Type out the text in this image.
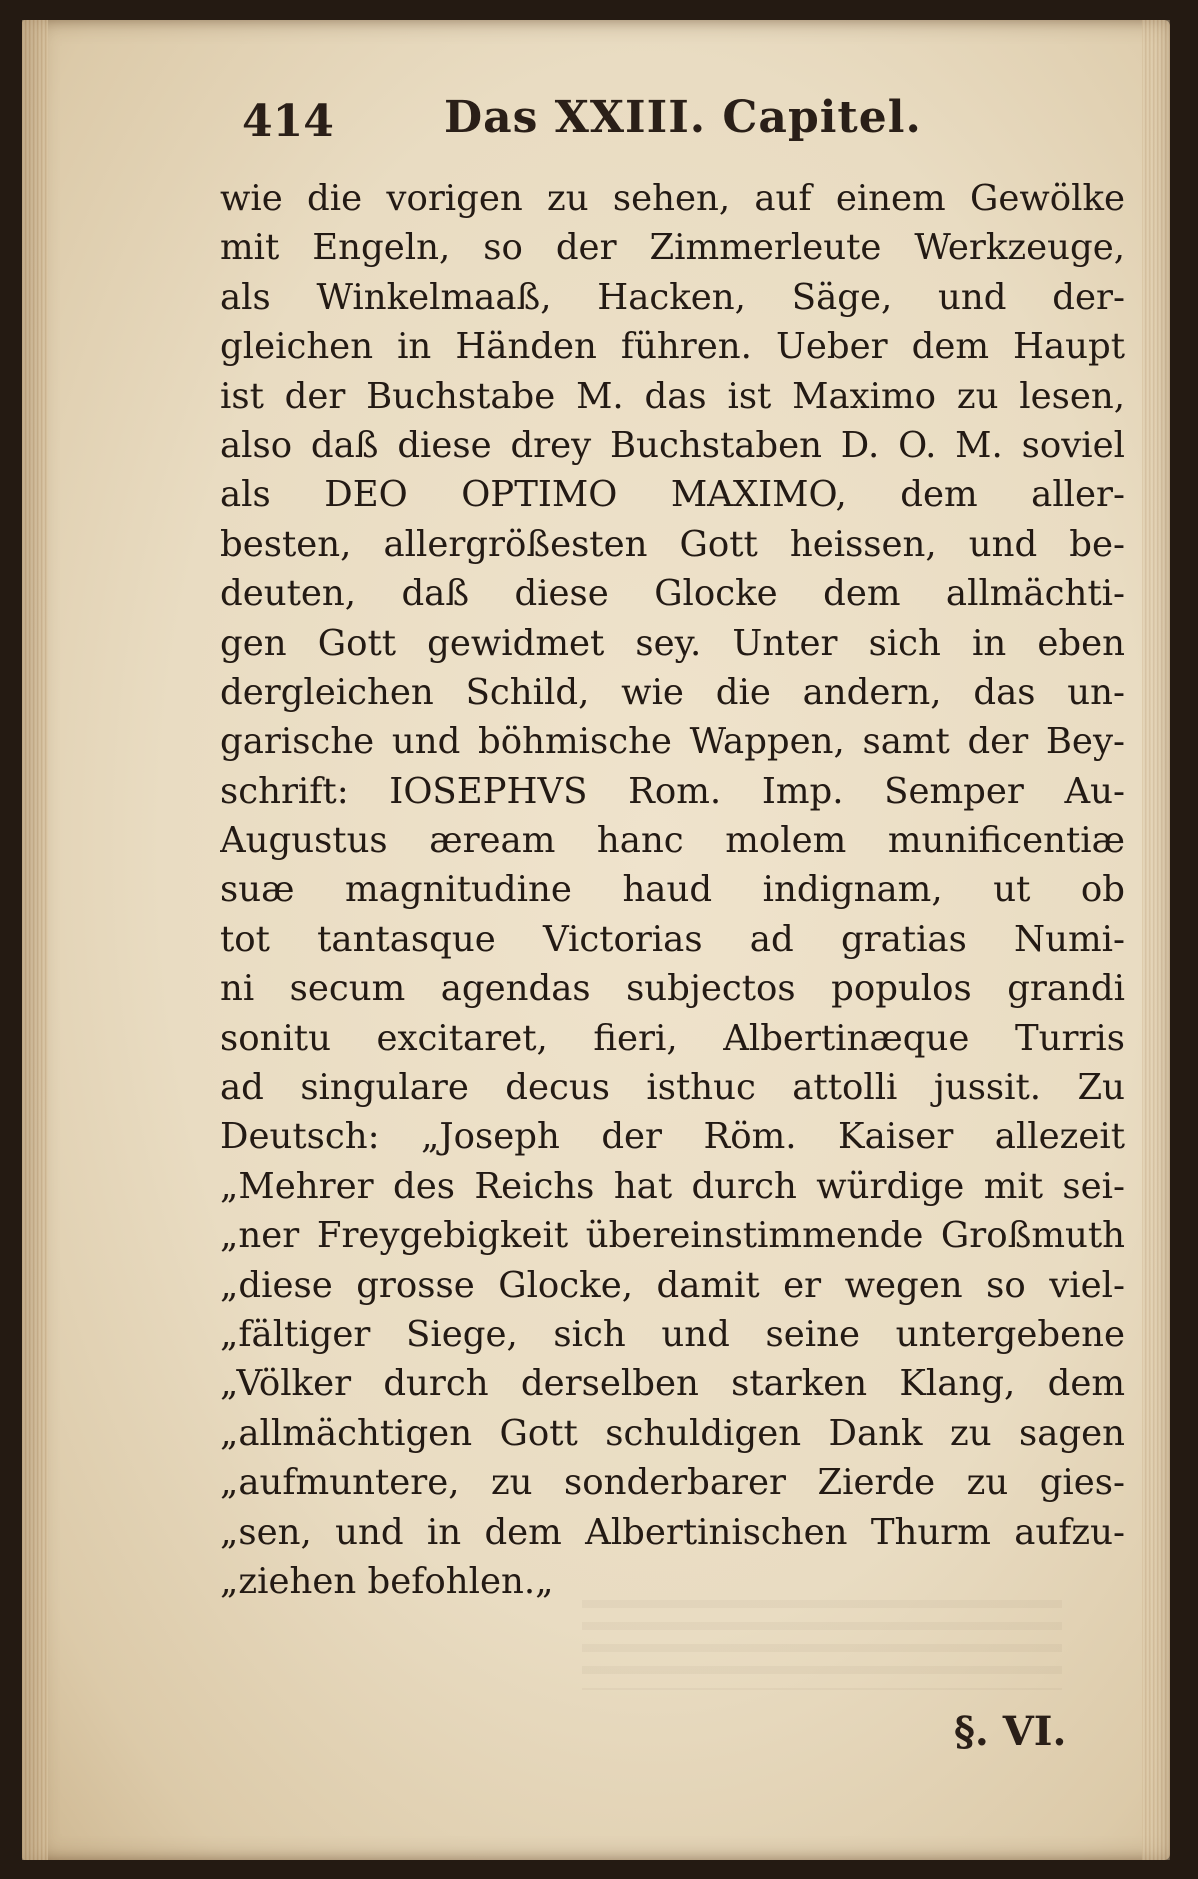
414	Das XXIII. Capitel.
wie die vorigen zu sehen, auf einem Gewölke
mit Engeln, so der Zimmerleute Werkzeuge,
als Winkelmaaß, Hacken, Säge, und der-
gleichen in Händen führen. Ueber dem Haupt
ist der Buchstabe M. das ist Maximo zu lesen,
also daß diese drey Buchstaben D. O. M. soviel
als DEO OPTIMO MAXIMO, dem aller-
besten, allergrößesten Gott heissen, und be-
deuten, daß diese Glocke dem allmächti-
gen Gott gewidmet sey. Unter sich in eben
dergleichen Schild, wie die andern, das un-
garische und böhmische Wappen, samt der Bey-
schrift: IOSEPHVS Rom. Imp. Semper Au-
Augustus æream hanc molem munificentiæ
suæ magnitudine haud indignam, ut ob
tot tantasque Victorias ad gratias Numi-
ni secum agendas subjectos populos grandi
sonitu excitaret, fieri, Albertinæque Turris
ad singulare decus isthuc attolli jussit. Zu
Deutsch: „Joseph der Röm. Kaiser allezeit
„Mehrer des Reichs hat durch würdige mit sei-
„ner Freygebigkeit übereinstimmende Großmuth
„diese grosse Glocke, damit er wegen so viel-
„fältiger Siege, sich und seine untergebene
„Völker durch derselben starken Klang, dem
„allmächtigen Gott schuldigen Dank zu sagen
„aufmuntere, zu sonderbarer Zierde zu gies-
„sen, und in dem Albertinischen Thurm aufzu-
„ziehen befohlen.„
§. VI.
